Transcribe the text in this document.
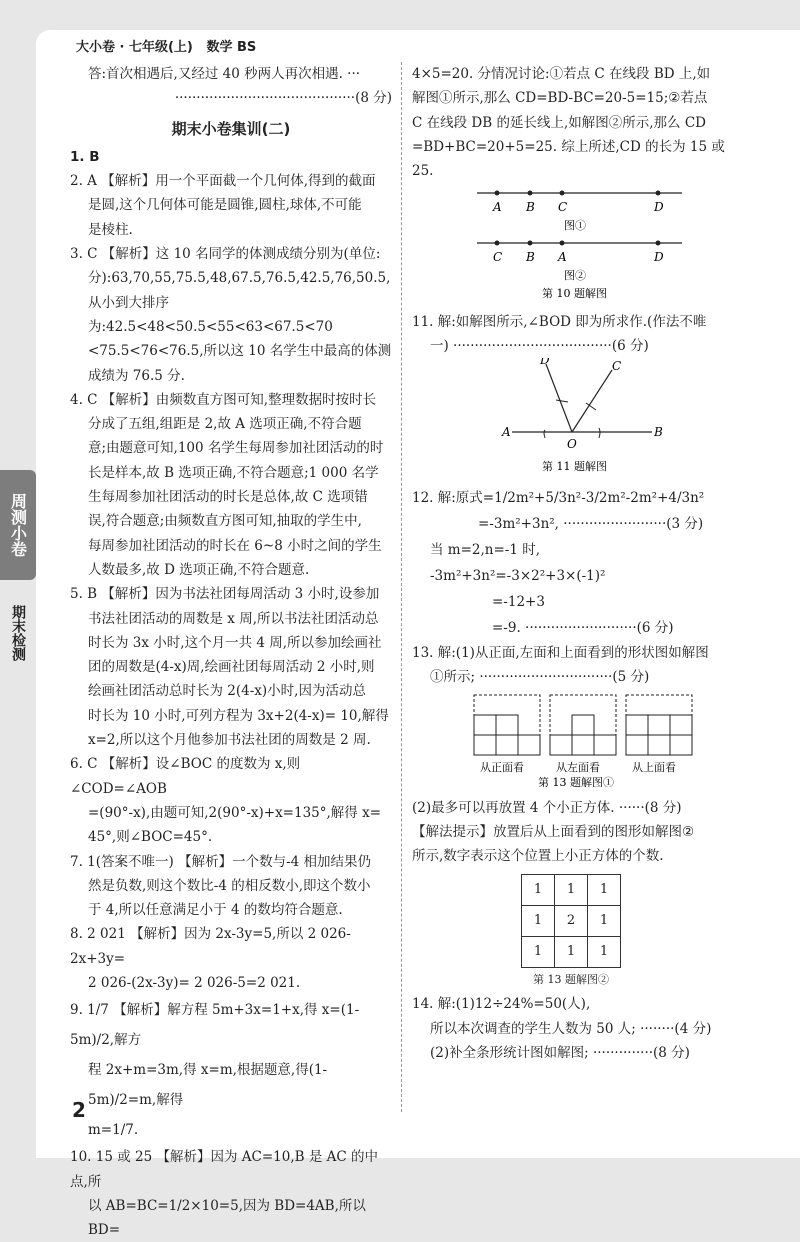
大小卷 · 七年级(上) 数学 BS
周测小卷
期末检测

答:首次相遇后,又经过 40 秒两人再次相遇. ···

··········································(8 分)

期末小卷集训(二)

1. B

2. A 【解析】用一个平面截一个几何体,得到的截面

是圆,这个几何体可能是圆锥,圆柱,球体,不可能

是棱柱.

3. C 【解析】这 10 名同学的体测成绩分别为(单位:

分):63,70,55,75.5,48,67.5,76.5,42.5,76,50.5,

从小到大排序为:42.5<48<50.5<55<63<67.5<70

<75.5<76<76.5,所以这 10 名学生中最高的体测

成绩为 76.5 分.

4. C 【解析】由频数直方图可知,整理数据时按时长

分成了五组,组距是 2,故 A 选项正确,不符合题

意;由题意可知,100 名学生每周参加社团活动的时

长是样本,故 B 选项正确,不符合题意;1 000 名学

生每周参加社团活动的时长是总体,故 C 选项错

误,符合题意;由频数直方图可知,抽取的学生中,

每周参加社团活动的时长在 6~8 小时之间的学生

人数最多,故 D 选项正确,不符合题意.

5. B 【解析】因为书法社团每周活动 3 小时,设参加

书法社团活动的周数是 x 周,所以书法社团活动总

时长为 3x 小时,这个月一共 4 周,所以参加绘画社

团的周数是(4-x)周,绘画社团每周活动 2 小时,则

绘画社团活动总时长为 2(4-x)小时,因为活动总

时长为 10 小时,可列方程为 3x+2(4-x)= 10,解得

x=2,所以这个月他参加书法社团的周数是 2 周.

6. C 【解析】设∠BOC 的度数为 x,则∠COD=∠AOB

=(90°-x),由题可知,2(90°-x)+x=135°,解得 x=

45°,则∠BOC=45°.

7. 1(答案不唯一) 【解析】一个数与-4 相加结果仍

然是负数,则这个数比-4 的相反数小,即这个数小

于 4,所以任意满足小于 4 的数均符合题意.

8. 2 021 【解析】因为 2x-3y=5,所以 2 026-2x+3y=

2 026-(2x-3y)= 2 026-5=2 021.

9. 1/7 【解析】解方程 5m+3x=1+x,得 x=(1-5m)/2,解方

程 2x+m=3m,得 x=m,根据题意,得(1-5m)/2=m,解得

m=1/7.

10. 15 或 25 【解析】因为 AC=10,B 是 AC 的中点,所

以 AB=BC=1/2×10=5,因为 BD=4AB,所以 BD=

4×5=20. 分情况讨论:①若点 C 在线段 BD 上,如

解图①所示,那么 CD=BD-BC=20-5=15;②若点

C 在线段 DB 的延长线上,如解图②所示,那么 CD

=BD+BC=20+5=25. 综上所述,CD 的长为 15 或

25.

A B C	D
图①
C B A	D
图②
第 10 题解图

11. 解:如解图所示,∠BOD 即为所求作.(作法不唯

一) ·····································(6 分)

A	B
O
C
D
第 11 题解图

12. 解:原式=1/2m²+5/3n²-3/2m²-2m²+4/3n²

=-3m²+3n², ························(3 分)

当 m=2,n=-1 时,

-3m²+3n²=-3×2²+3×(-1)²

=-12+3

=-9. ··························(6 分)

13. 解:(1)从正面,左面和上面看到的形状图如解图

①所示; ·······························(5 分)

从正面看	从左面看	从上面看
第 13 题解图①

(2)最多可以再放置 4 个小正方体. ······(8 分)

【解法提示】放置后从上面看到的图形如解图②

所示,数字表示这个位置上小正方体的个数.

1	1	1
1	2	1
1	1	1
第 13 题解图②

14. 解:(1)12÷24%=50(人),

所以本次调查的学生人数为 50 人; ········(4 分)

(2)补全条形统计图如解图; ··············(8 分)

2
